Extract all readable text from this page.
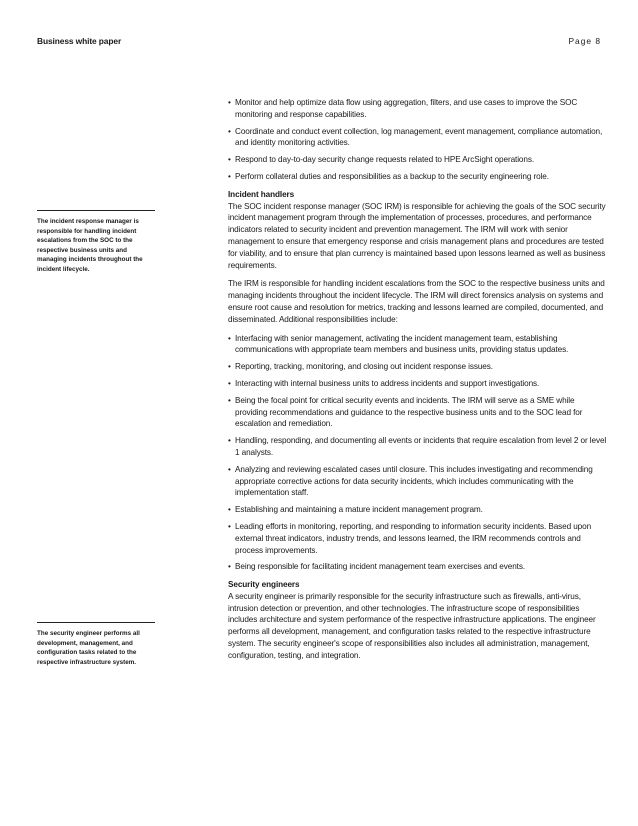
Business white paper	Page 8
The incident response manager is responsible for handling incident escalations from the SOC to the respective business units and managing incidents throughout the incident lifecycle.
The security engineer performs all development, management, and configuration tasks related to the respective infrastructure system.
• Monitor and help optimize data flow using aggregation, filters, and use cases to improve the SOC monitoring and response capabilities.
• Coordinate and conduct event collection, log management, event management, compliance automation, and identity monitoring activities.
• Respond to day-to-day security change requests related to HPE ArcSight operations.
• Perform collateral duties and responsibilities as a backup to the security engineering role.
Incident handlers

The SOC incident response manager (SOC IRM) is responsible for achieving the goals of the SOC security incident management program through the implementation of processes, procedures, and performance indicators related to security incident and prevention management. The IRM will work with senior management to ensure that emergency response and crisis management plans and procedures are tested for viability, and to ensure that plan currency is maintained based upon lessons learned as well as business requirements.

The IRM is responsible for handling incident escalations from the SOC to the respective business units and managing incidents throughout the incident lifecycle. The IRM will direct forensics analysis on systems and ensure root cause and resolution for metrics, tracking and lessons learned are compiled, documented, and disseminated. Additional responsibilities include:

• Interfacing with senior management, activating the incident management team, establishing communications with appropriate team members and business units, providing status updates.
• Reporting, tracking, monitoring, and closing out incident response issues.
• Interacting with internal business units to address incidents and support investigations.
• Being the focal point for critical security events and incidents. The IRM will serve as a SME while providing recommendations and guidance to the respective business units and to the SOC lead for escalation and remediation.
• Handling, responding, and documenting all events or incidents that require escalation from level 2 or level 1 analysts.
• Analyzing and reviewing escalated cases until closure. This includes investigating and recommending appropriate corrective actions for data security incidents, which includes communicating with the implementation staff.
• Establishing and maintaining a mature incident management program.
• Leading efforts in monitoring, reporting, and responding to information security incidents. Based upon external threat indicators, industry trends, and lessons learned, the IRM recommends controls and process improvements.
• Being responsible for facilitating incident management team exercises and events.
Security engineers

A security engineer is primarily responsible for the security infrastructure such as firewalls, anti-virus, intrusion detection or prevention, and other technologies. The infrastructure scope of responsibilities includes architecture and system performance of the respective infrastructure applications. The engineer performs all development, management, and configuration tasks related to the respective infrastructure system. The security engineer's scope of responsibilities also includes all administration, management, configuration, testing, and integration.
